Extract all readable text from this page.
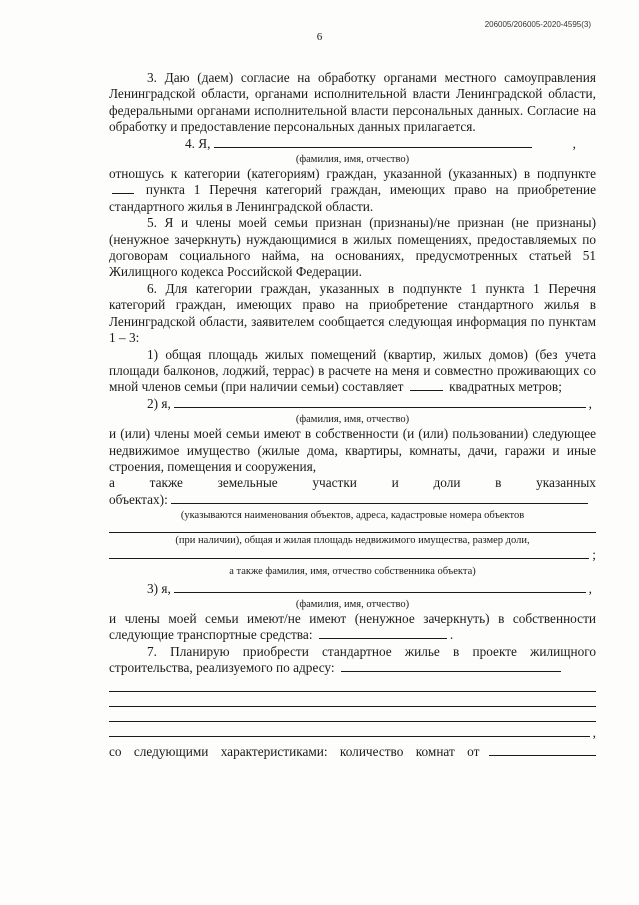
206005/206005-2020-4595(3)
6

3. Даю (даем) согласие на обработку органами местного самоуправления Ленинградской области, органами исполнительной власти Ленинградской области, федеральными органами исполнительной власти персональных данных. Согласие на обработку и предоставление персональных данных прилагается.

4. Я,	,
(фамилия, имя, отчество)

отношусь к категории (категориям) граждан, указанной (указанных) в подпункте  пункта 1 Перечня категорий граждан, имеющих право на приобретение стандартного жилья в Ленинградской области.

5. Я и члены моей семьи признан (признаны)/не признан (не признаны) (ненужное зачеркнуть) нуждающимися в жилых помещениях, предоставляемых по договорам социального найма, на основаниях, предусмотренных статьей 51 Жилищного кодекса Российской Федерации.

6. Для категории граждан, указанных в подпункте 1 пункта 1 Перечня категорий граждан, имеющих право на приобретение стандартного жилья в Ленинградской области, заявителем сообщается следующая информация по пунктам 1 – 3:

1) общая площадь жилых помещений (квартир, жилых домов) (без учета площади балконов, лоджий, террас) в расчете на меня и совместно проживающих со мной членов семьи (при наличии семьи) составляет	квадратных метров;

2) я,	,
(фамилия, имя, отчество)

и (или) члены моей семьи имеют в собственности (и (или) пользовании) следующее недвижимое имущество (жилые дома, квартиры, комнаты, дачи, гаражи и иные строения, помещения и сооружения,

а	также	земельные	участки	и	доли	в	указанных
объектах):
(указываются наименования объектов, адреса, кадастровые номера объектов
(при наличии), общая и жилая площадь недвижимого имущества, размер доли,
;
а также фамилия, имя, отчество собственника объекта)
3) я,	,
(фамилия, имя, отчество)

и члены моей семьи имеют/не имеют (ненужное зачеркнуть) в собственности следующие транспортные средства:	.

7. Планирую приобрести стандартное жилье в проекте жилищного строительства, реализуемого по адресу:

,
со следующими характеристиками: количество комнат от
